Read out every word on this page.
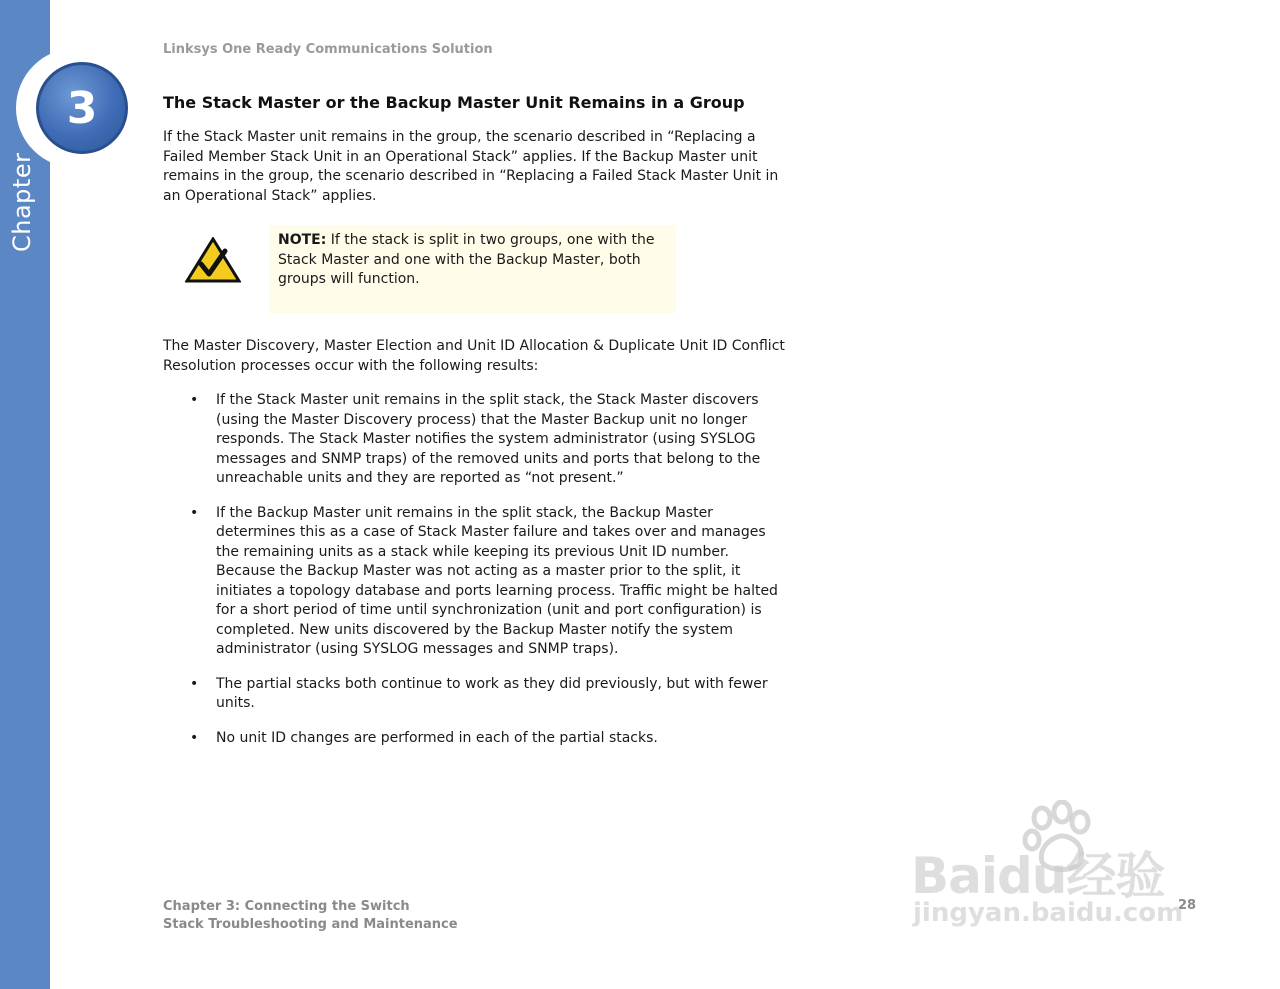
3
Chapter
Linksys One Ready Communications Solution
The Stack Master or the Backup Master Unit Remains in a Group

If the Stack Master unit remains in the group, the scenario described in “Replacing a Failed Member Stack Unit in an Operational Stack” applies. If the Backup Master unit remains in the group, the scenario described in “Replacing a Failed Stack Master Unit in an Operational Stack” applies.

NOTE: If the stack is split in two groups, one with the Stack Master and one with the Backup Master, both groups will function.

The Master Discovery, Master Election and Unit ID Allocation & Duplicate Unit ID Conflict Resolution processes occur with the following results:

• If the Stack Master unit remains in the split stack, the Stack Master discovers (using the Master Discovery process) that the Master Backup unit no longer responds. The Stack Master notifies the system administrator (using SYSLOG messages and SNMP traps) of the removed units and ports that belong to the unreachable units and they are reported as “not present.”
• If the Backup Master unit remains in the split stack, the Backup Master determines this as a case of Stack Master failure and takes over and manages the remaining units as a stack while keeping its previous Unit ID number. Because the Backup Master was not acting as a master prior to the split, it initiates a topology database and ports learning process. Traffic might be halted for a short period of time until synchronization (unit and port configuration) is completed. New units discovered by the Backup Master notify the system administrator (using SYSLOG messages and SNMP traps).
• The partial stacks both continue to work as they did previously, but with fewer units.
• No unit ID changes are performed in each of the partial stacks.
Chapter 3: Connecting the Switch
Stack Troubleshooting and Maintenance
28
Baidu经验
jingyan.baidu.com
